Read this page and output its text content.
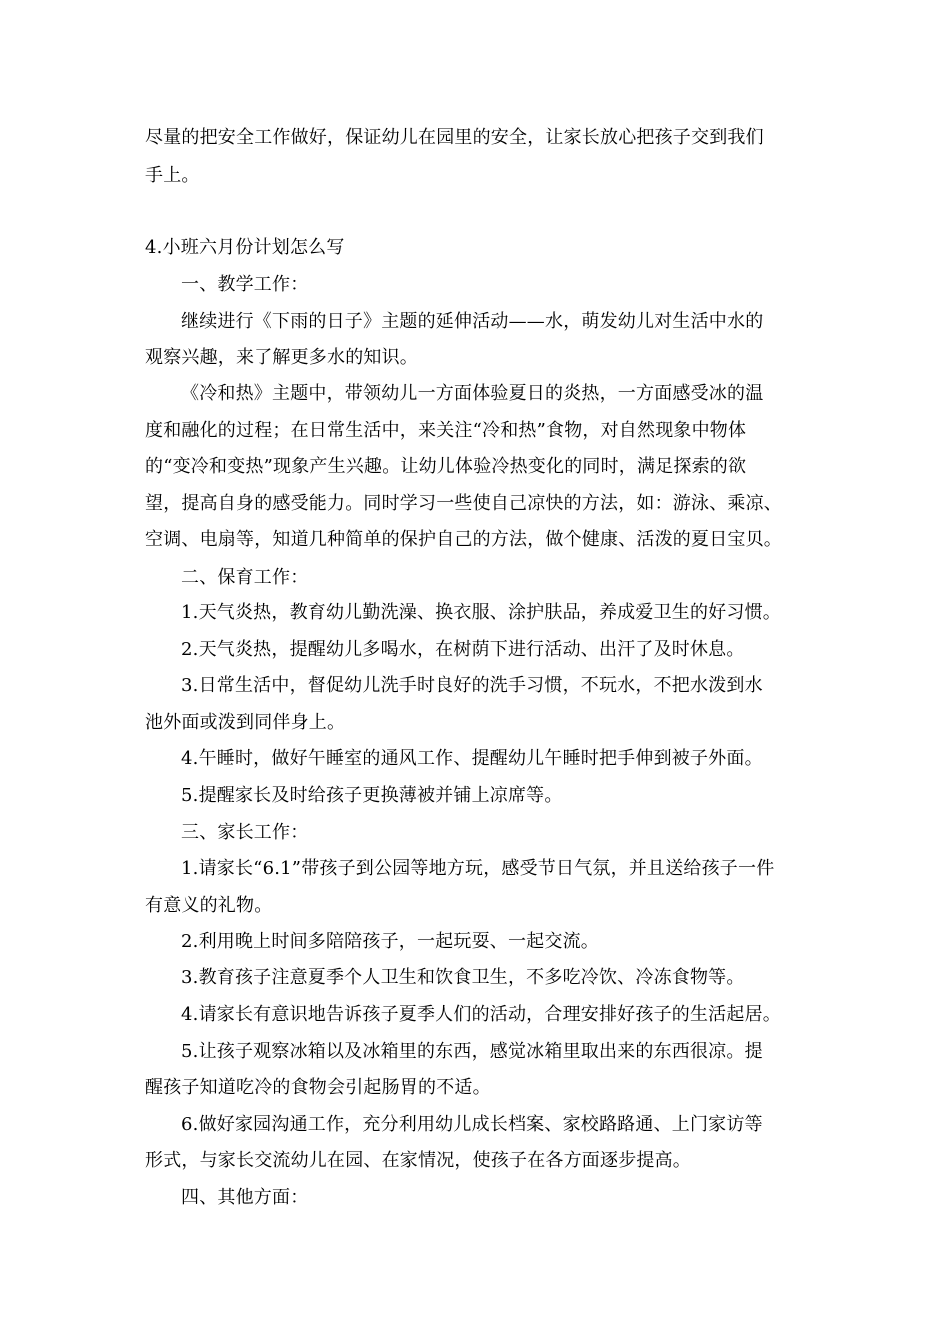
尽量的把安全工作做好，保证幼儿在园里的安全，让家长放心把孩子交到我们
手上。
4.小班六月份计划怎么写
一、教学工作：
继续进行《下雨的日子》主题的延伸活动——水，萌发幼儿对生活中水的
观察兴趣，来了解更多水的知识。
《冷和热》主题中，带领幼儿一方面体验夏日的炎热，一方面感受冰的温
度和融化的过程；在日常生活中，来关注“冷和热”食物，对自然现象中物体
的“变冷和变热”现象产生兴趣。让幼儿体验冷热变化的同时，满足探索的欲
望，提高自身的感受能力。同时学习一些使自己凉快的方法，如：游泳、乘凉、
空调、电扇等，知道几种简单的保护自己的方法，做个健康、活泼的夏日宝贝。
二、保育工作：
1.天气炎热，教育幼儿勤洗澡、换衣服、涂护肤品，养成爱卫生的好习惯。
2.天气炎热，提醒幼儿多喝水，在树荫下进行活动、出汗了及时休息。
3.日常生活中，督促幼儿洗手时良好的洗手习惯，不玩水，不把水泼到水
池外面或泼到同伴身上。
4.午睡时，做好午睡室的通风工作、提醒幼儿午睡时把手伸到被子外面。
5.提醒家长及时给孩子更换薄被并铺上凉席等。
三、家长工作：
1.请家长“6.1”带孩子到公园等地方玩，感受节日气氛，并且送给孩子一件
有意义的礼物。
2.利用晚上时间多陪陪孩子，一起玩耍、一起交流。
3.教育孩子注意夏季个人卫生和饮食卫生，不多吃冷饮、冷冻食物等。
4.请家长有意识地告诉孩子夏季人们的活动，合理安排好孩子的生活起居。
5.让孩子观察冰箱以及冰箱里的东西，感觉冰箱里取出来的东西很凉。提
醒孩子知道吃冷的食物会引起肠胃的不适。
6.做好家园沟通工作，充分利用幼儿成长档案、家校路路通、上门家访等
形式，与家长交流幼儿在园、在家情况，使孩子在各方面逐步提高。
四、其他方面：
